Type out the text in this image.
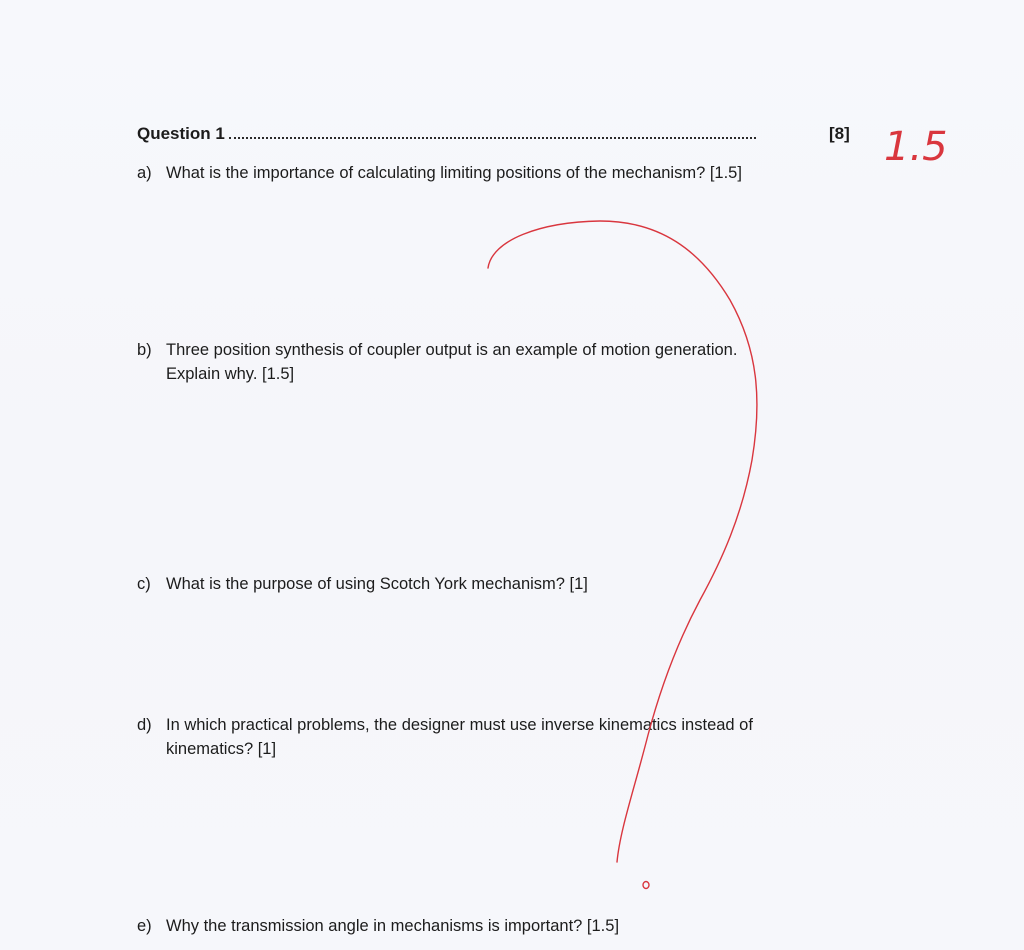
Question 1	[8]
a) What is the importance of calculating limiting positions of the mechanism? [1.5]
b) Three position synthesis of coupler output is an example of motion generation.
Explain why. [1.5]
c) What is the purpose of using Scotch York mechanism? [1]
d) In which practical problems, the designer must use inverse kinematics instead of
kinematics? [1]
e) Why the transmission angle in mechanisms is important? [1.5]
1.5
